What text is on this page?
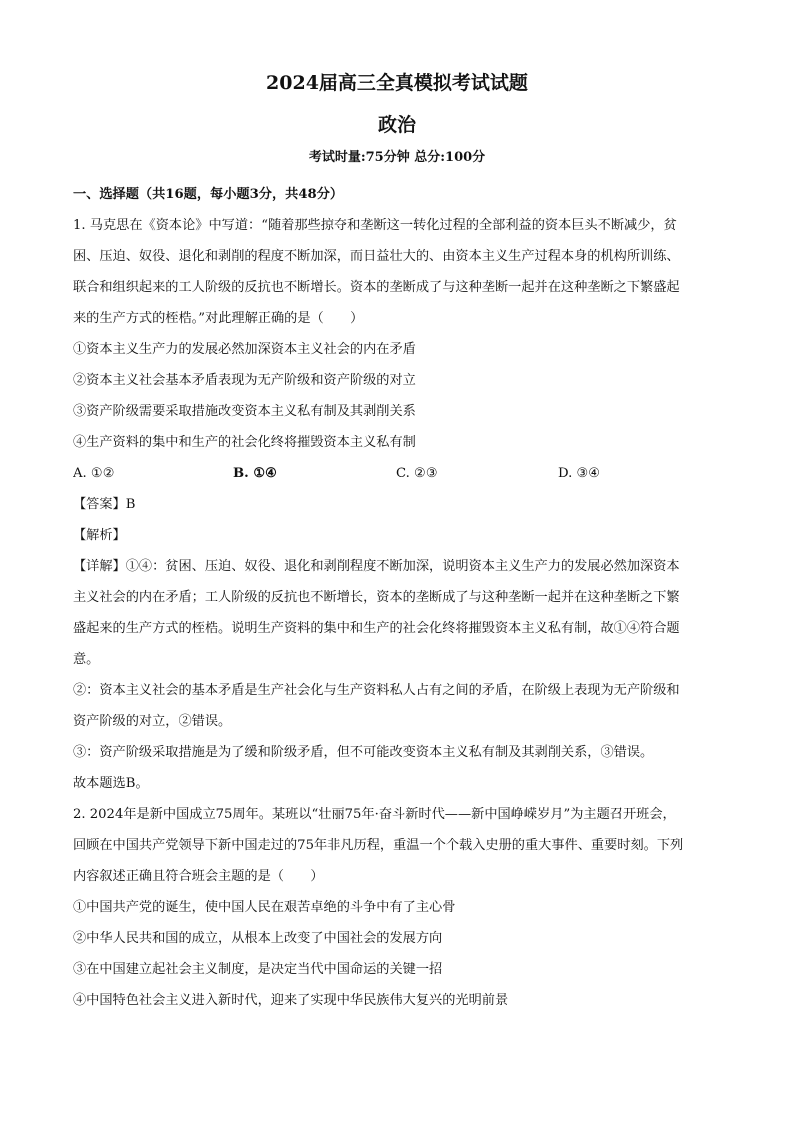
2024届高三全真模拟考试试题
政治
考试时量:75分钟 总分:100分

一、选择题（共16题，每小题3分，共48分）

1. 马克思在《资本论》中写道：“随着那些掠夺和垄断这一转化过程的全部利益的资本巨头不断减少，贫

困、压迫、奴役、退化和剥削的程度不断加深，而日益壮大的、由资本主义生产过程本身的机构所训练、

联合和组织起来的工人阶级的反抗也不断增长。资本的垄断成了与这种垄断一起并在这种垄断之下繁盛起

来的生产方式的桎梏。”对此理解正确的是（　　）

①资本主义生产力的发展必然加深资本主义社会的内在矛盾

②资本主义社会基本矛盾表现为无产阶级和资产阶级的对立

③资产阶级需要采取措施改变资本主义私有制及其剥削关系

④生产资料的集中和生产的社会化终将摧毁资本主义私有制

A. ①②	B. ①④	C. ②③	D. ③④

【答案】B

【解析】

【详解】①④：贫困、压迫、奴役、退化和剥削程度不断加深，说明资本主义生产力的发展必然加深资本

主义社会的内在矛盾；工人阶级的反抗也不断增长，资本的垄断成了与这种垄断一起并在这种垄断之下繁

盛起来的生产方式的桎梏。说明生产资料的集中和生产的社会化终将摧毁资本主义私有制，故①④符合题

意。

②：资本主义社会的基本矛盾是生产社会化与生产资料私人占有之间的矛盾，在阶级上表现为无产阶级和

资产阶级的对立，②错误。

③：资产阶级采取措施是为了缓和阶级矛盾，但不可能改变资本主义私有制及其剥削关系，③错误。

故本题选B。

2. 2024年是新中国成立75周年。某班以“壮丽75年·奋斗新时代——新中国峥嵘岁月”为主题召开班会，

回顾在中国共产党领导下新中国走过的75年非凡历程，重温一个个载入史册的重大事件、重要时刻。下列

内容叙述正确且符合班会主题的是（　　）

①中国共产党的诞生，使中国人民在艰苦卓绝的斗争中有了主心骨

②中华人民共和国的成立，从根本上改变了中国社会的发展方向

③在中国建立起社会主义制度，是决定当代中国命运的关键一招

④中国特色社会主义进入新时代，迎来了实现中华民族伟大复兴的光明前景
